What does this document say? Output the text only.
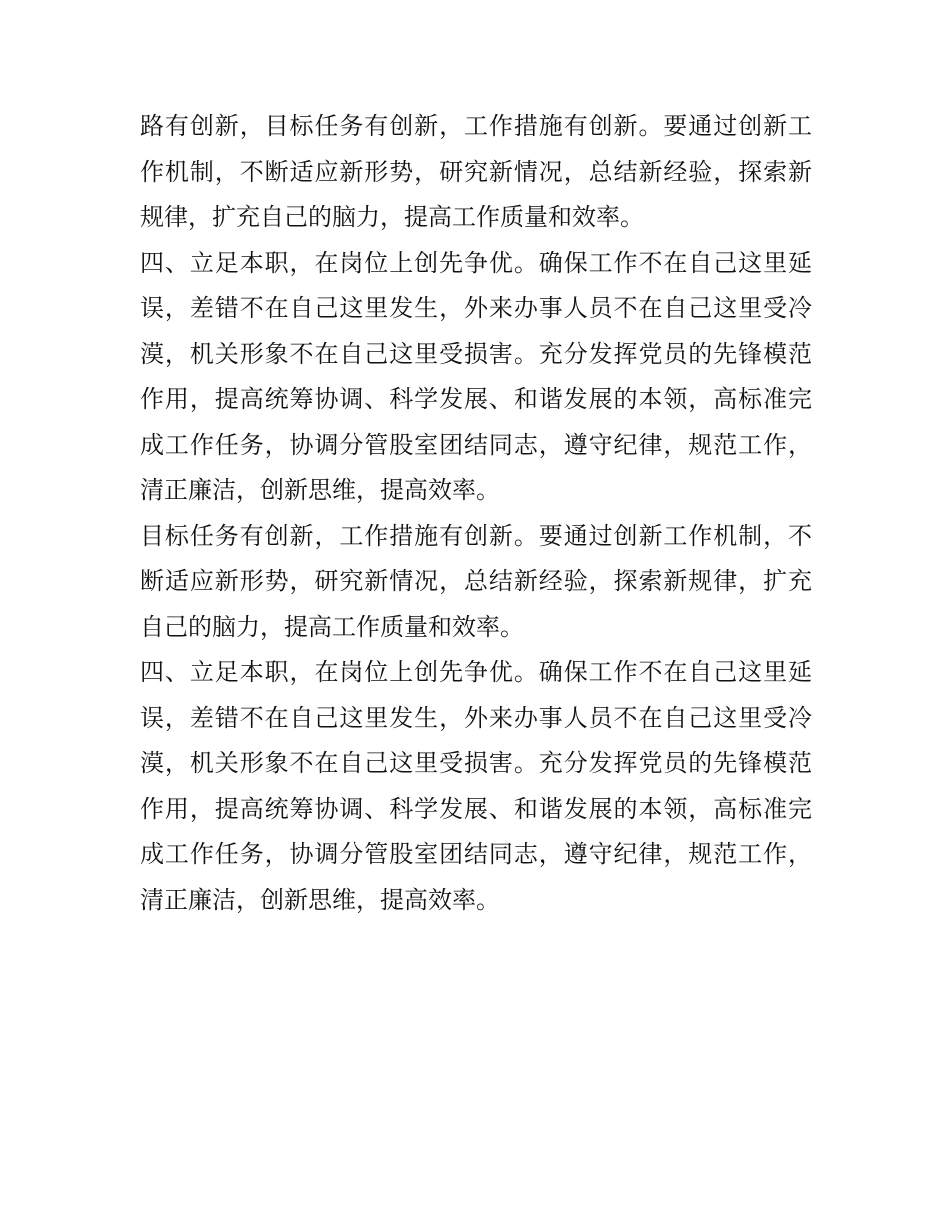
路有创新，目标任务有创新，工作措施有创新。要通过创新工
作机制，不断适应新形势，研究新情况，总结新经验，探索新
规律，扩充自己的脑力，提高工作质量和效率。
四、立足本职，在岗位上创先争优。确保工作不在自己这里延
误，差错不在自己这里发生，外来办事人员不在自己这里受冷
漠，机关形象不在自己这里受损害。充分发挥党员的先锋模范
作用，提高统筹协调、科学发展、和谐发展的本领，高标准完
成工作任务，协调分管股室团结同志，遵守纪律，规范工作，
清正廉洁，创新思维，提高效率。
目标任务有创新，工作措施有创新。要通过创新工作机制，不
断适应新形势，研究新情况，总结新经验，探索新规律，扩充
自己的脑力，提高工作质量和效率。
四、立足本职，在岗位上创先争优。确保工作不在自己这里延
误，差错不在自己这里发生，外来办事人员不在自己这里受冷
漠，机关形象不在自己这里受损害。充分发挥党员的先锋模范
作用，提高统筹协调、科学发展、和谐发展的本领，高标准完
成工作任务，协调分管股室团结同志，遵守纪律，规范工作，
清正廉洁，创新思维，提高效率。
